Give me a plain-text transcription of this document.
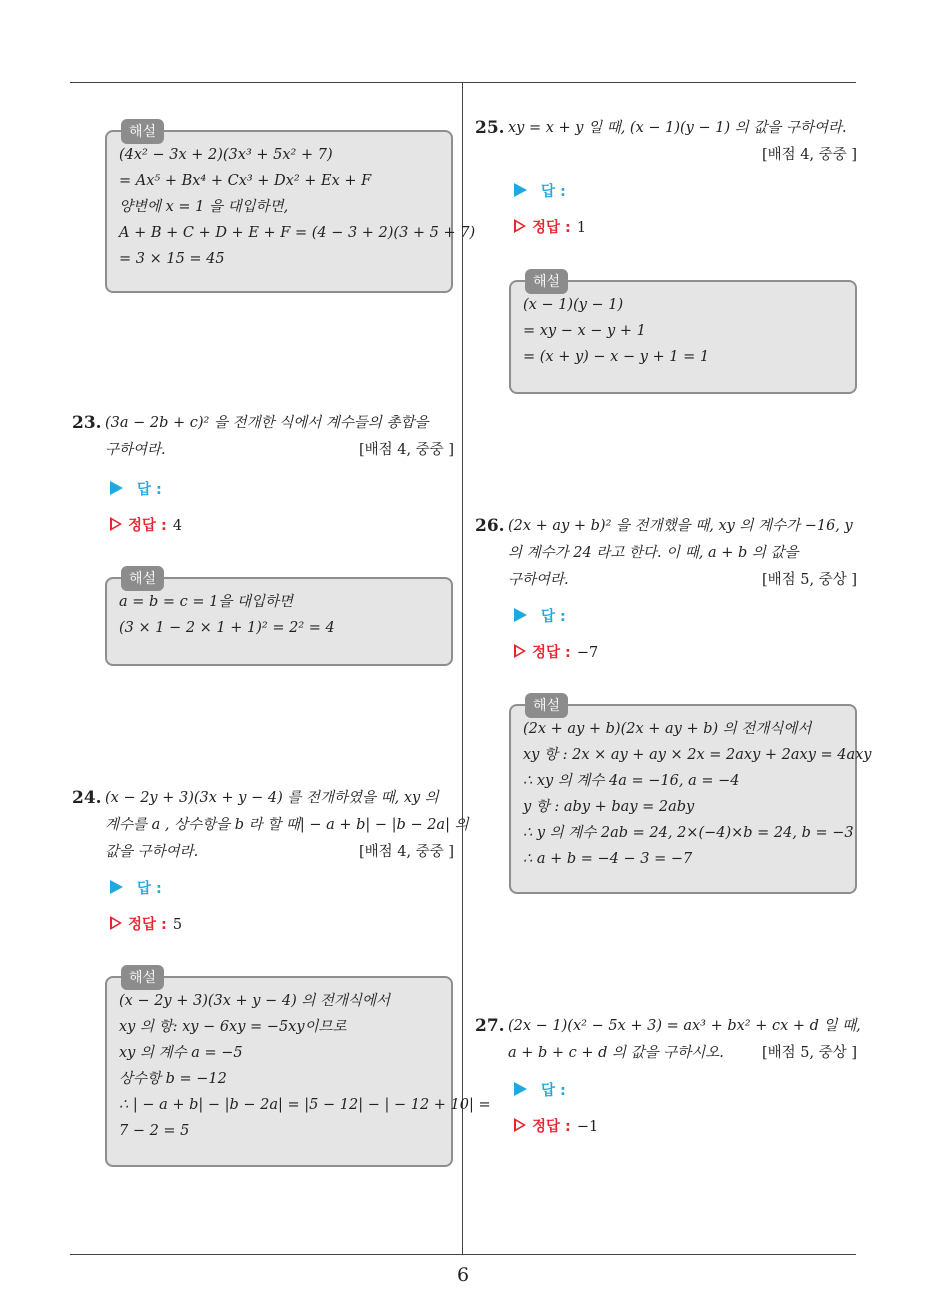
6
해설
(4x² − 3x + 2)(3x³ + 5x² + 7)
= Ax⁵ + Bx⁴ + Cx³ + Dx² + Ex + F
양변에 x = 1 을 대입하면,
A + B + C + D + E + F = (4 − 3 + 2)(3 + 5 + 7)
= 3 × 15 = 45
23. (3a − 2b + c)² 을 전개한 식에서 계수들의 총합을
구하여라.	[배점 4, 중중 ]
답 :
정답 : 4
해설
a = b = c = 1을 대입하면
(3 × 1 − 2 × 1 + 1)² = 2² = 4
24. (x − 2y + 3)(3x + y − 4) 를 전개하였을 때, xy 의
계수를 a , 상수항을 b 라 할 때| − a + b| − |b − 2a| 의
값을 구하여라.	[배점 4, 중중 ]
답 :
정답 : 5
해설
(x − 2y + 3)(3x + y − 4) 의 전개식에서
xy 의 항: xy − 6xy = −5xy이므로
xy 의 계수 a = −5
상수항 b = −12
∴ | − a + b| − |b − 2a| = |5 − 12| − | − 12 + 10| =
7 − 2 = 5
25. xy = x + y 일 때, (x − 1)(y − 1) 의 값을 구하여라.
[배점 4, 중중 ]
답 :
정답 : 1
해설
(x − 1)(y − 1)
= xy − x − y + 1
= (x + y) − x − y + 1 = 1
26. (2x + ay + b)² 을 전개했을 때, xy 의 계수가 −16, y
의 계수가 24 라고 한다. 이 때, a + b 의 값을
구하여라.	[배점 5, 중상 ]
답 :
정답 : −7
해설
(2x + ay + b)(2x + ay + b) 의 전개식에서
xy 항 : 2x × ay + ay × 2x = 2axy + 2axy = 4axy
∴ xy 의 계수 4a = −16, a = −4
y 항 : aby + bay = 2aby
∴ y 의 계수 2ab = 24, 2×(−4)×b = 24, b = −3
∴ a + b = −4 − 3 = −7
27. (2x − 1)(x² − 5x + 3) = ax³ + bx² + cx + d 일 때,
a + b + c + d 의 값을 구하시오.	[배점 5, 중상 ]
답 :
정답 : −1
